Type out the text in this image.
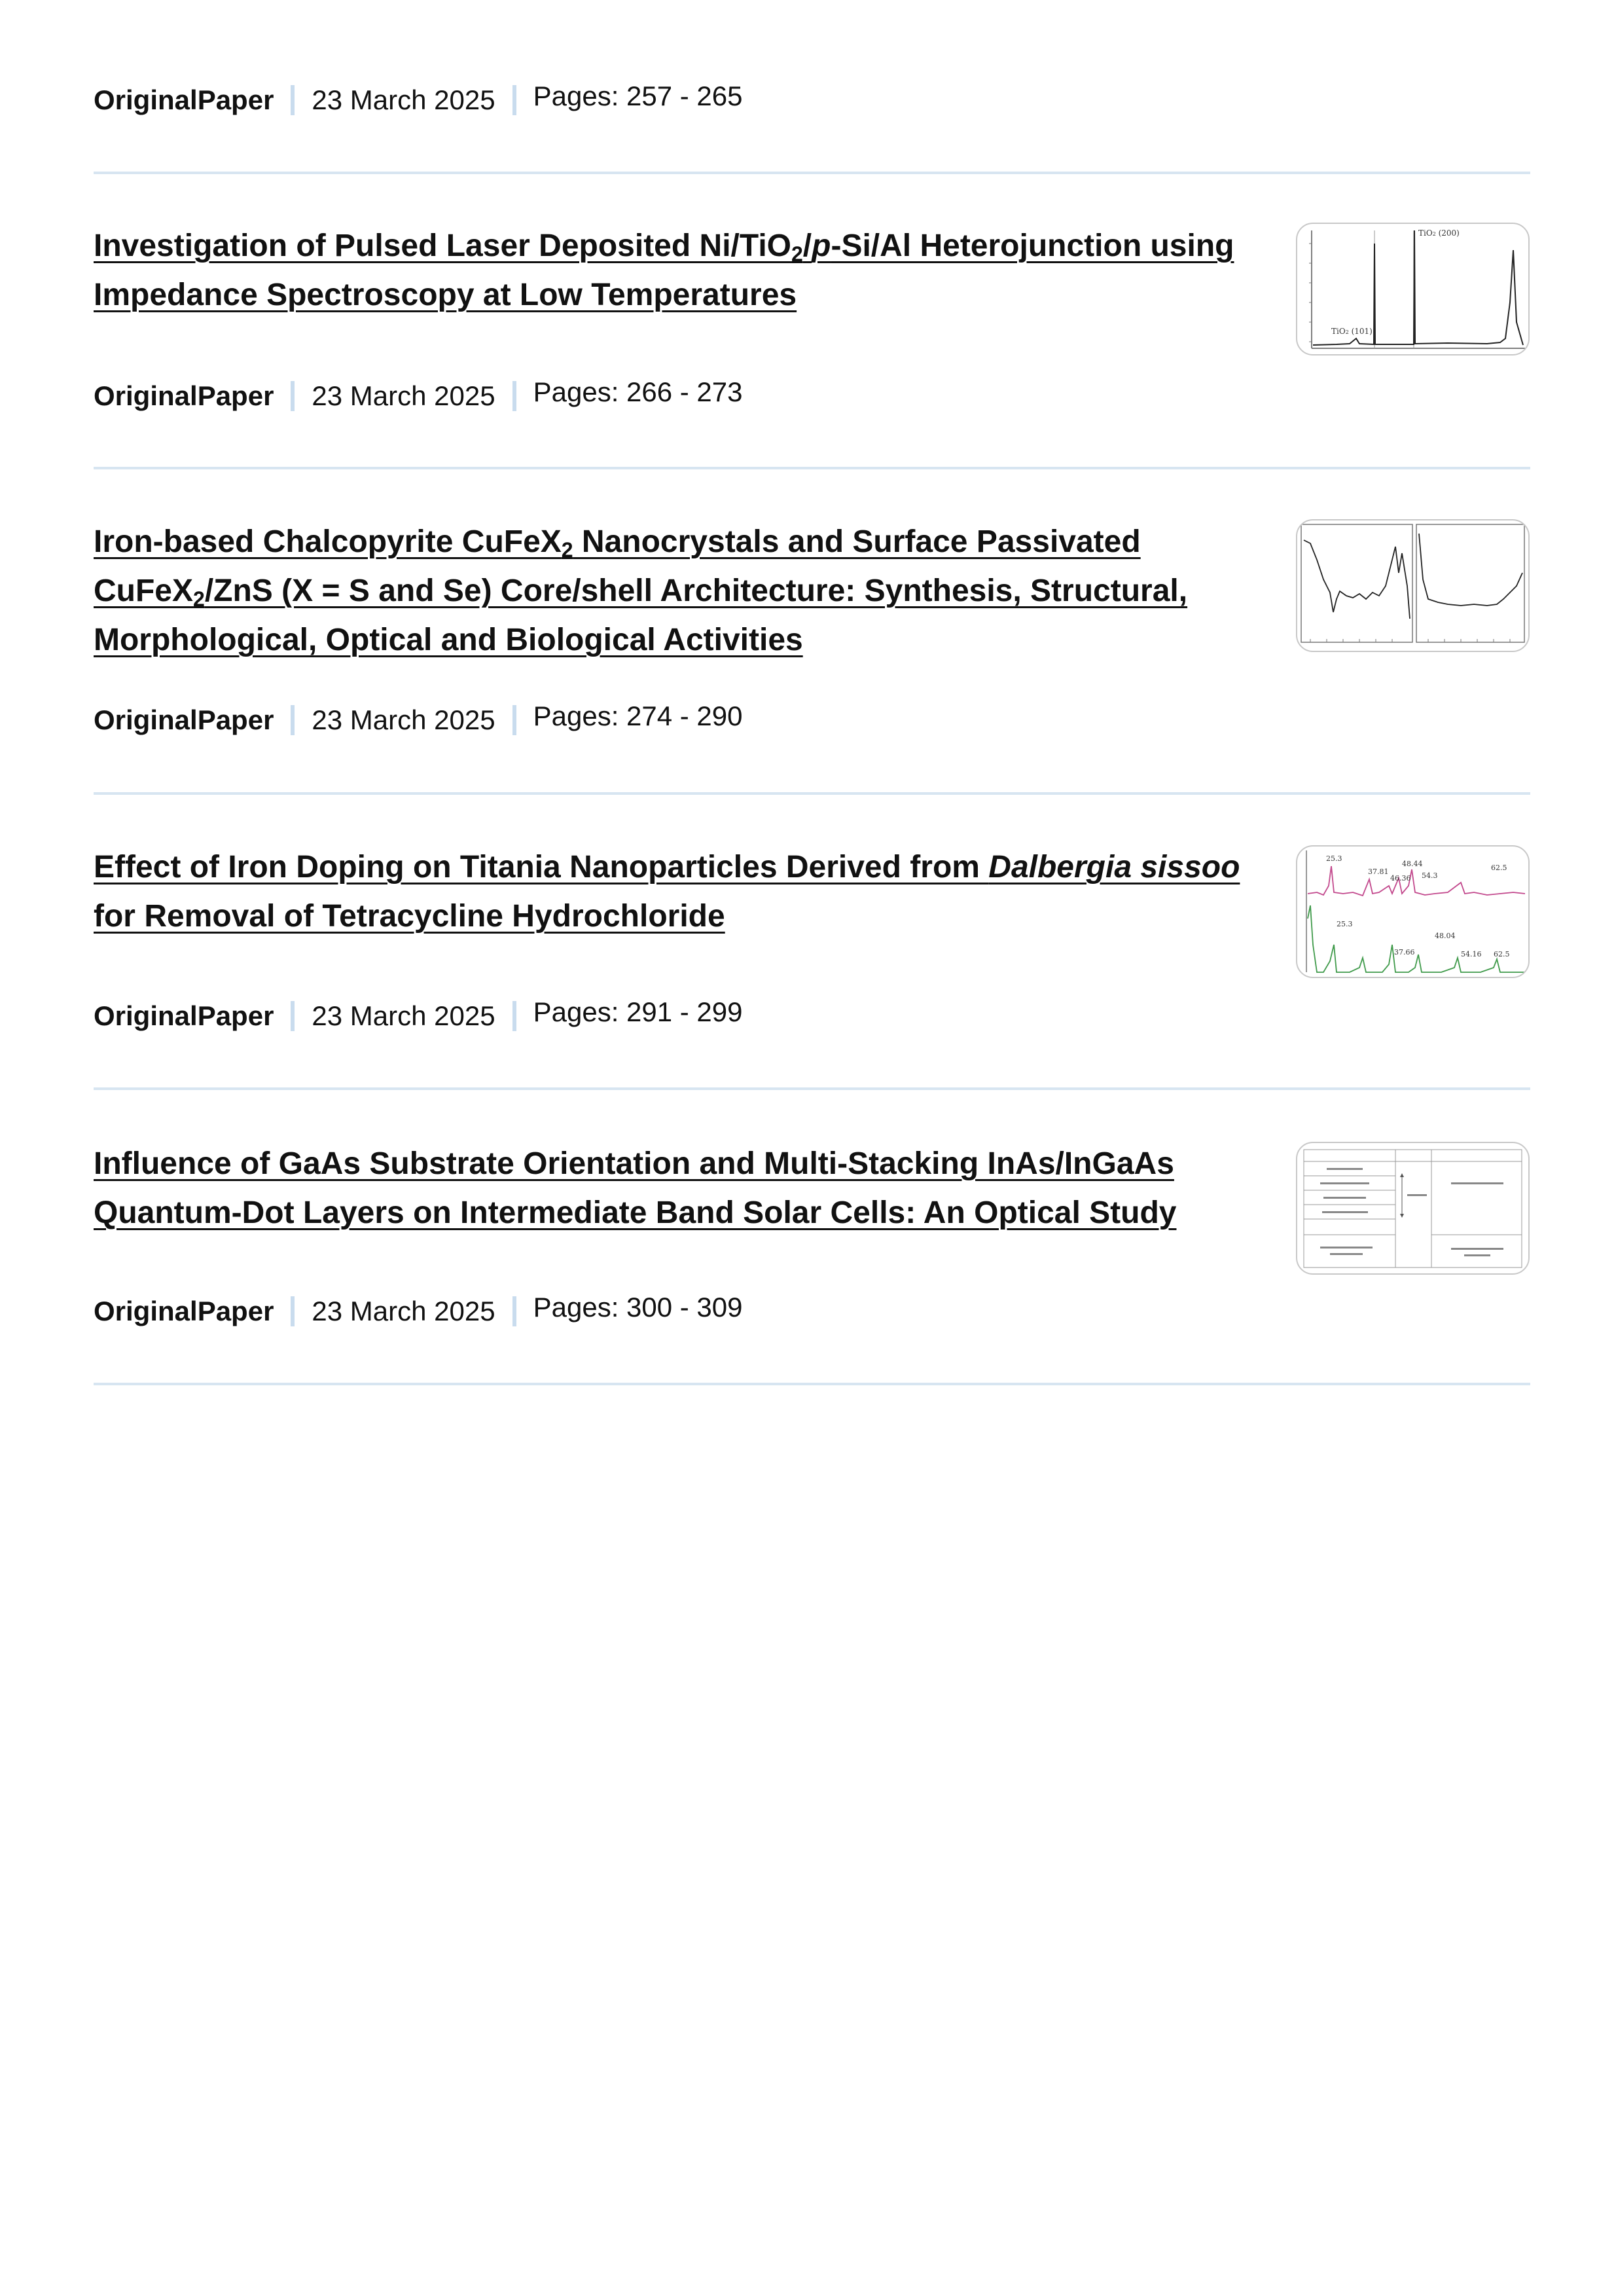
OriginalPaper 23 March 2025 Pages: 257 - 265
Investigation of Pulsed Laser Deposited Ni/TiO$_2$/p-Si/Al Heterojunction using Impedance Spectroscopy at Low Temperatures
TiO2 (101)
TiO2 (200)
OriginalPaper 23 March 2025 Pages: 266 - 273
Iron-based Chalcopyrite CuFeX$_2$ Nanocrystals and Surface Passivated CuFeX$_2$/ZnS (X = S and Se) Core/shell Architecture: Synthesis, Structural, Morphological, Optical and Biological Activities
OriginalPaper 23 March 2025 Pages: 274 - 290
Effect of Iron Doping on Titania Nanoparticles Derived from Dalbergia sissoo for Removal of Tetracycline Hydrochloride
25.3
37.81
48.44
46.36 54.3
62.5
25.3
37.66
48.04
54.16 62.5
OriginalPaper 23 March 2025 Pages: 291 - 299
Influence of GaAs Substrate Orientation and Multi-Stacking InAs/InGaAs Quantum-Dot Layers on Intermediate Band Solar Cells: An Optical Study
OriginalPaper 23 March 2025 Pages: 300 - 309
